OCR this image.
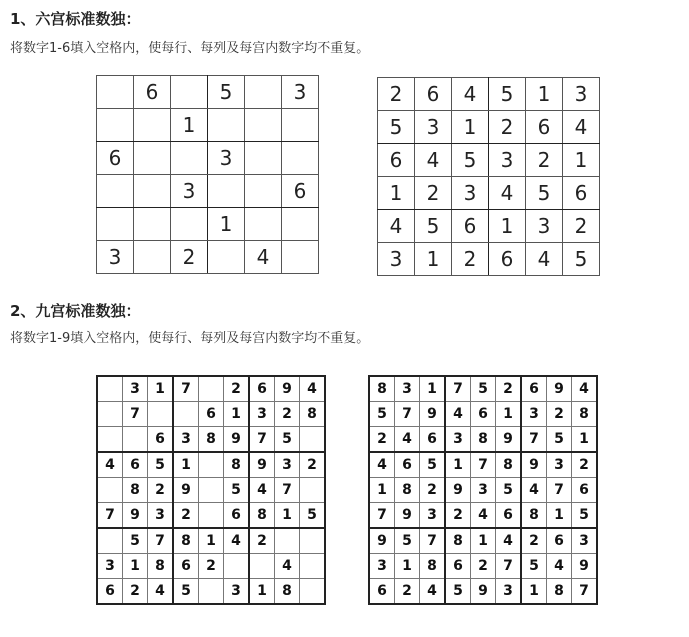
1、六宫标准数独：
将数字1-6填入空格内，使每行、每列及每宫内数字均不重复。
	6		5		3
		1			
6			3		
		3			6
			1		
3		2		4	
2	6	4	5	1	3
5	3	1	2	6	4
6	4	5	3	2	1
1	2	3	4	5	6
4	5	6	1	3	2
3	1	2	6	4	5
2、九宫标准数独：
将数字1-9填入空格内，使每行、每列及每宫内数字均不重复。
	3	1	7		2	6	9	4
	7			6	1	3	2	8
		6	3	8	9	7	5	
4	6	5	1		8	9	3	2
	8	2	9		5	4	7	
7	9	3	2		6	8	1	5
	5	7	8	1	4	2		
3	1	8	6	2			4	
6	2	4	5		3	1	8	
8	3	1	7	5	2	6	9	4
5	7	9	4	6	1	3	2	8
2	4	6	3	8	9	7	5	1
4	6	5	1	7	8	9	3	2
1	8	2	9	3	5	4	7	6
7	9	3	2	4	6	8	1	5
9	5	7	8	1	4	2	6	3
3	1	8	6	2	7	5	4	9
6	2	4	5	9	3	1	8	7
